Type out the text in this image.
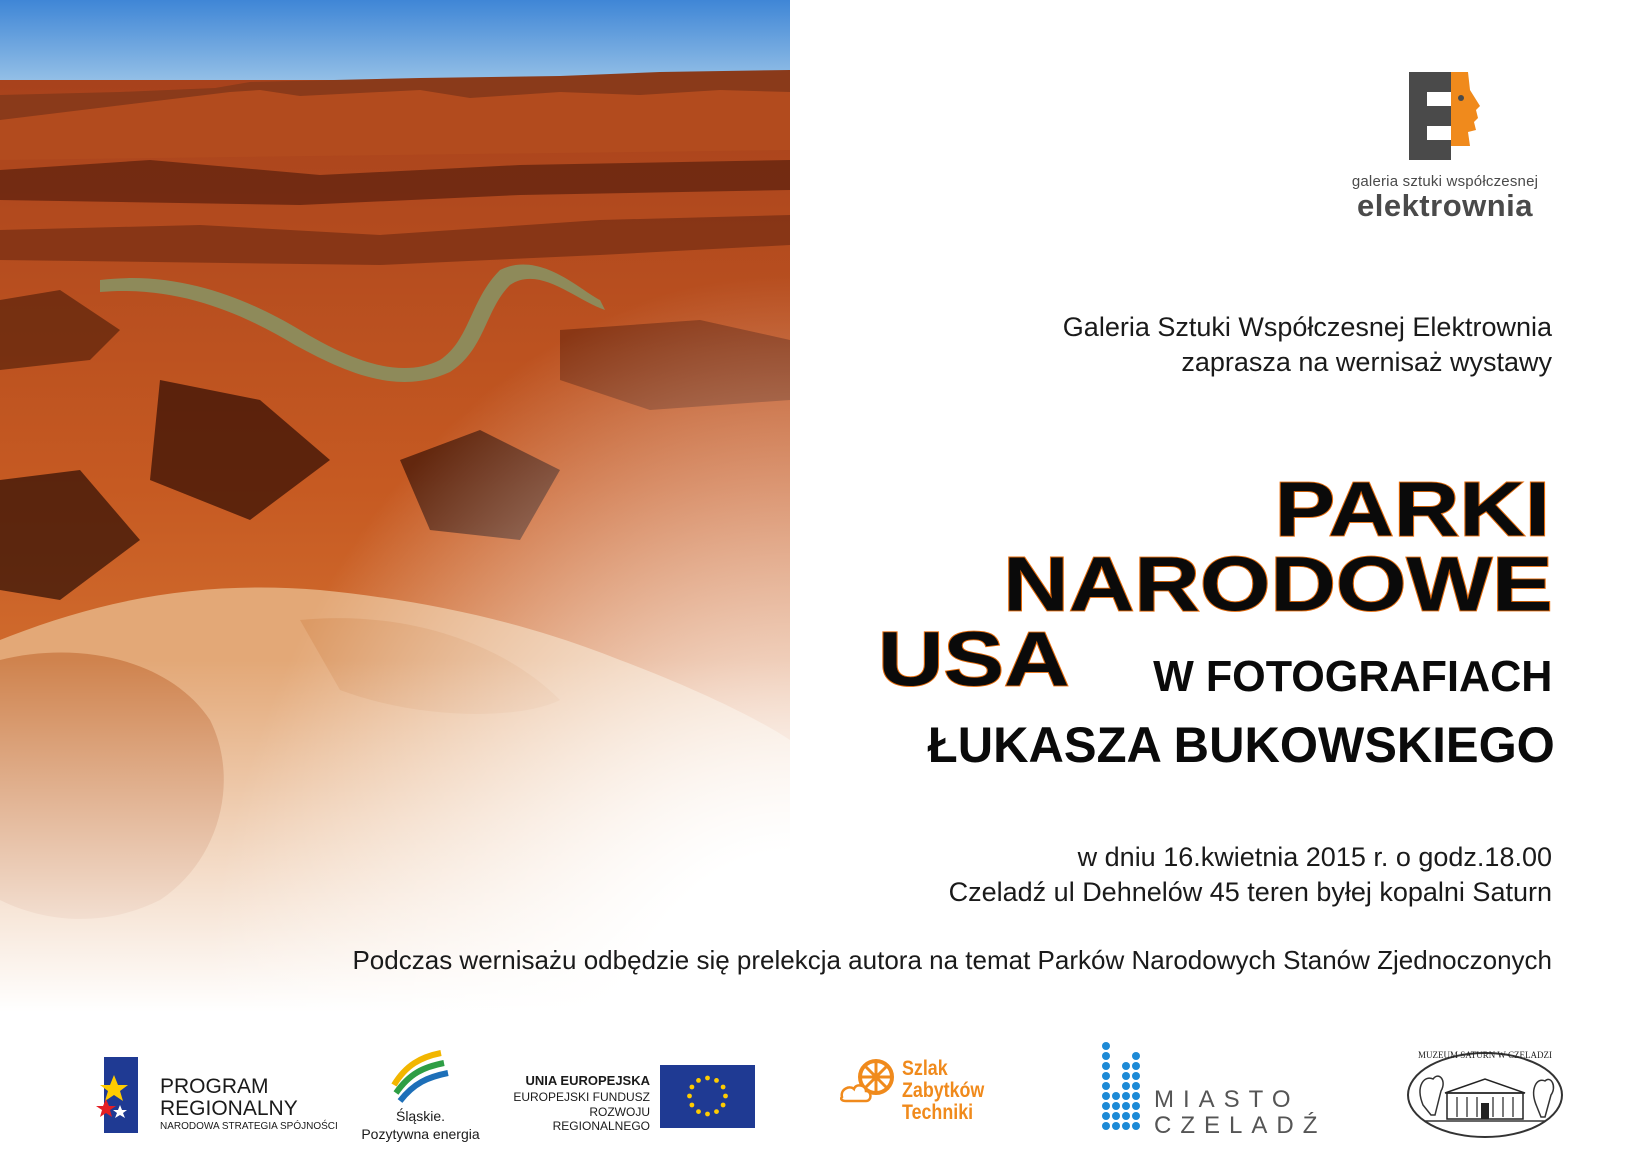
galeria sztuki współczesnej
elektrownia
Galeria Sztuki Współczesnej Elektrownia
zaprasza na wernisaż wystawy
PARKI
NARODOWE
USA W FOTOGRAFIACH
ŁUKASZA BUKOWSKIEGO
w dniu 16.kwietnia 2015 r. o godz.18.00
Czeladź ul Dehnelów 45 teren byłej kopalni Saturn
Podczas wernisażu odbędzie się prelekcja autora na temat Parków Narodowych Stanów Zjednoczonych
PROGRAM
REGIONALNY
NARODOWA STRATEGIA SPÓJNOŚCI
Śląskie.
Pozytywna energia
UNIA EUROPEJSKA
EUROPEJSKI FUNDUSZ
ROZWOJU REGIONALNEGO
Szlak
Zabytków
Techniki	MIASTO
CZELADŹ
MUZEUM SATURN W CZELADZI
